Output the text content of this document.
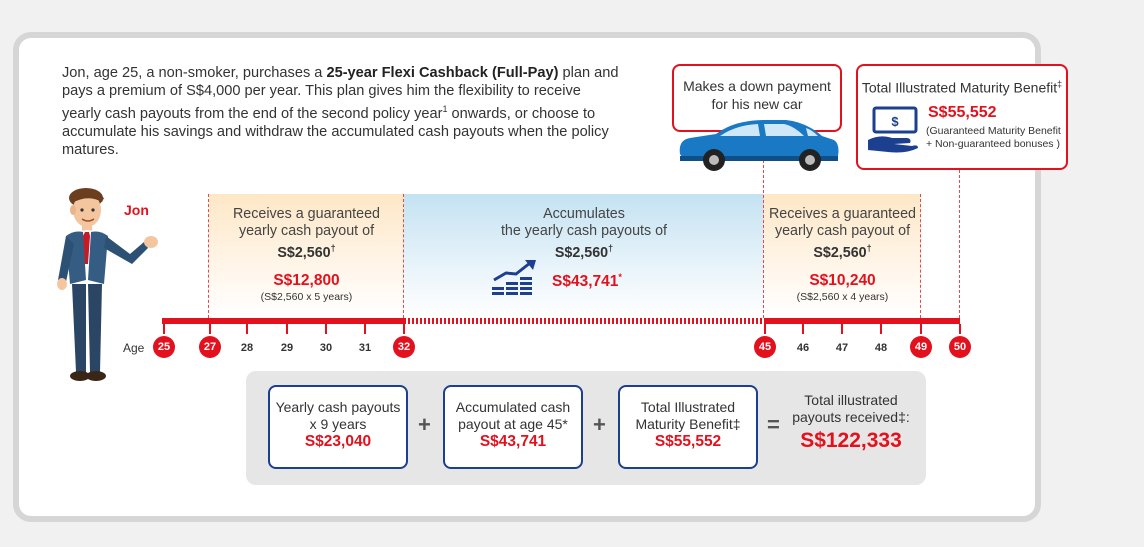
Jon, age 25, a non-smoker, purchases a 25-year Flexi Cashback (Full-Pay) plan and pays a premium of S$4,000 per year. This plan gives him the flexibility to receive yearly cash payouts from the end of the second policy year$^1$ onwards, or choose to accumulate his savings and withdraw the accumulated cash payouts when the policy matures.
Receives a guaranteed
yearly cash payout of
S$2,560†
S$12,800
(S$2,560 x 5 years)
Accumulates
the yearly cash payouts of
S$2,560†
S$43,741*
Receives a guaranteed
yearly cash payout of
S$2,560†
S$10,240
(S$2,560 x 4 years)
Age	25	27	28	29	30	31	32	45	46	47	48	49	50
Jon
Makes a down payment
for his new car
Total Illustrated Maturity Benefit‡
$
S$55,552
(Guaranteed Maturity Benefit
+ Non-guaranteed bonuses )
Yearly cash payouts
x 9 years
S$23,040
+
Accumulated cash
payout at age 45*
S$43,741
+
Total Illustrated
Maturity Benefit‡
S$55,552
=
Total illustrated
payouts received‡:
S$122,333
